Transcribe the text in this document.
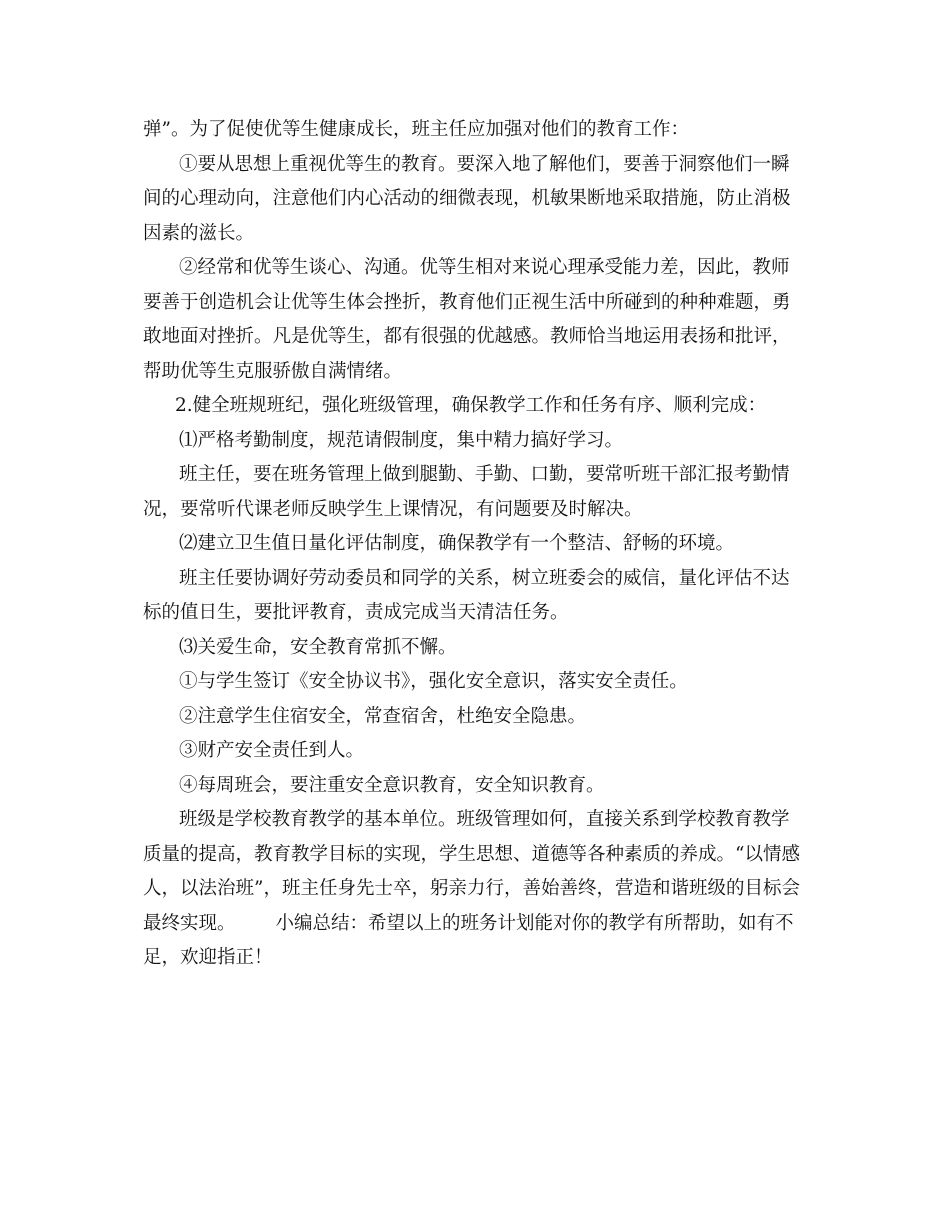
弹”。为了促使优等生健康成长，班主任应加强对他们的教育工作：

①要从思想上重视优等生的教育。要深入地了解他们，要善于洞察他们一瞬
间的心理动向，注意他们内心活动的细微表现，机敏果断地采取措施，防止消极
因素的滋长。

②经常和优等生谈心、沟通。优等生相对来说心理承受能力差，因此，教师
要善于创造机会让优等生体会挫折，教育他们正视生活中所碰到的种种难题，勇
敢地面对挫折。凡是优等生，都有很强的优越感。教师恰当地运用表扬和批评，
帮助优等生克服骄傲自满情绪。

2.健全班规班纪，强化班级管理，确保教学工作和任务有序、顺利完成：

⑴严格考勤制度，规范请假制度，集中精力搞好学习。

班主任，要在班务管理上做到腿勤、手勤、口勤，要常听班干部汇报考勤情
况，要常听代课老师反映学生上课情况，有问题要及时解决。

⑵建立卫生值日量化评估制度，确保教学有一个整洁、舒畅的环境。

班主任要协调好劳动委员和同学的关系，树立班委会的威信，量化评估不达
标的值日生，要批评教育，责成完成当天清洁任务。

⑶关爱生命，安全教育常抓不懈。

①与学生签订《安全协议书》，强化安全意识，落实安全责任。

②注意学生住宿安全，常查宿舍，杜绝安全隐患。

③财产安全责任到人。

④每周班会，要注重安全意识教育，安全知识教育。

班级是学校教育教学的基本单位。班级管理如何，直接关系到学校教育教学
质量的提高，教育教学目标的实现，学生思想、道德等各种素质的养成。“以情感
人，以法治班”，班主任身先士卒，躬亲力行，善始善终，营造和谐班级的目标会
最终实现。 小编总结：希望以上的班务计划能对你的教学有所帮助，如有不
足，欢迎指正！
